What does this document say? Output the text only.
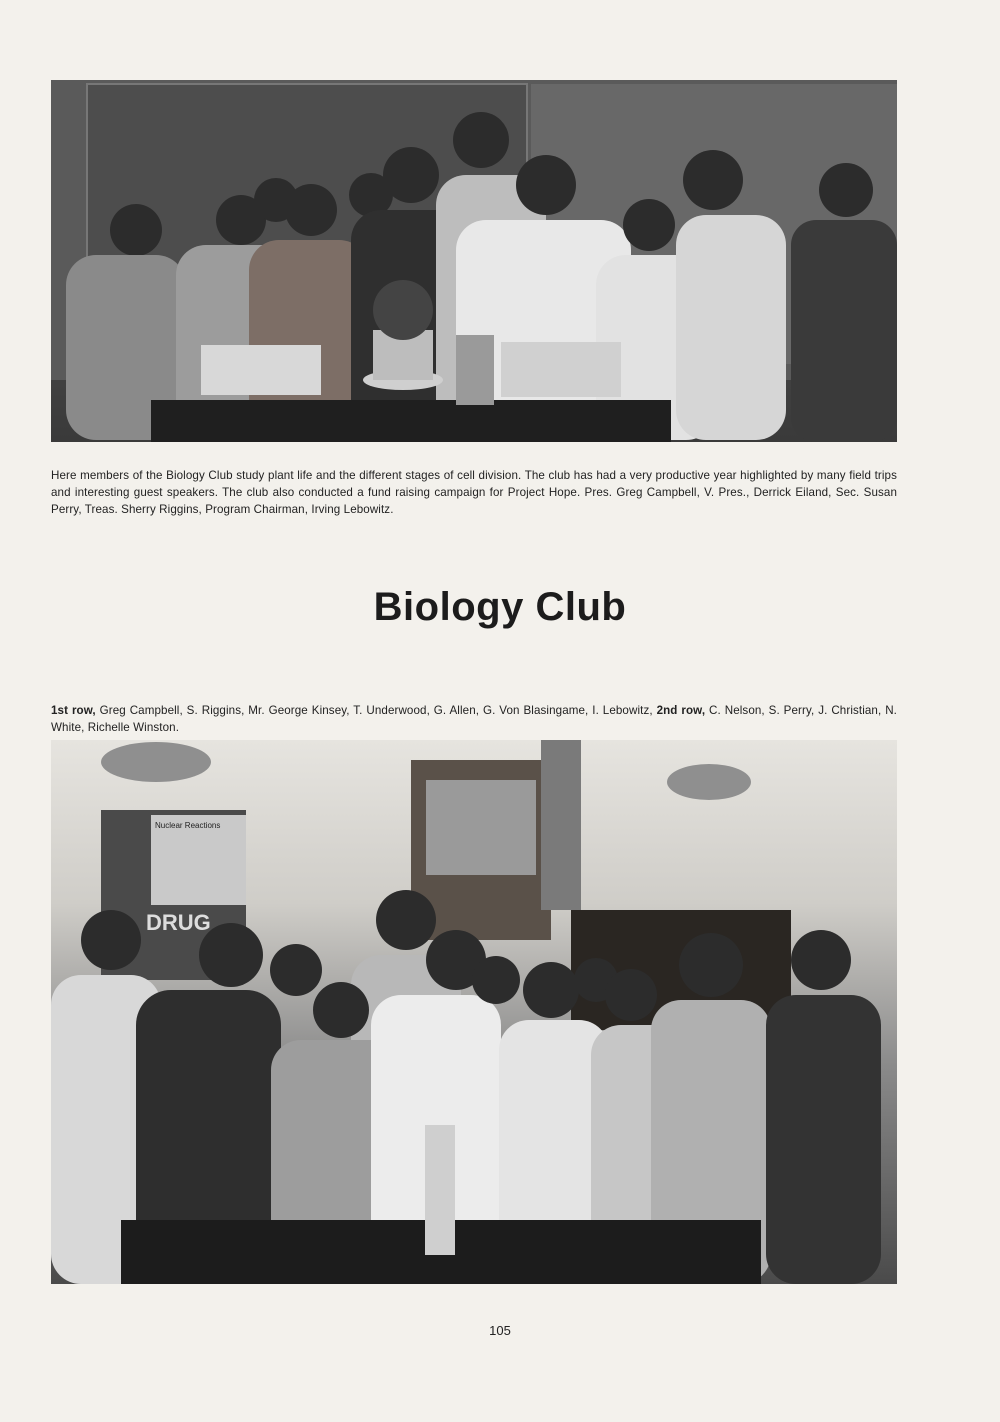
Here members of the Biology Club study plant life and the different stages of cell division. The club has had a very productive year highlighted by many field trips and interesting guest speakers. The club also conducted a fund raising campaign for Project Hope. Pres. Greg Campbell, V. Pres., Derrick Eiland, Sec. Susan Perry, Treas. Sherry Riggins, Program Chairman, Irving Lebowitz.

Biology Club

1st row, Greg Campbell, S. Riggins, Mr. George Kinsey, T. Underwood, G. Allen, G. Von Blasingame, I. Lebowitz, 2nd row, C. Nelson, S. Perry, J. Christian, N. White, Richelle Winston.

Nuclear Reactions
DRUG
105
